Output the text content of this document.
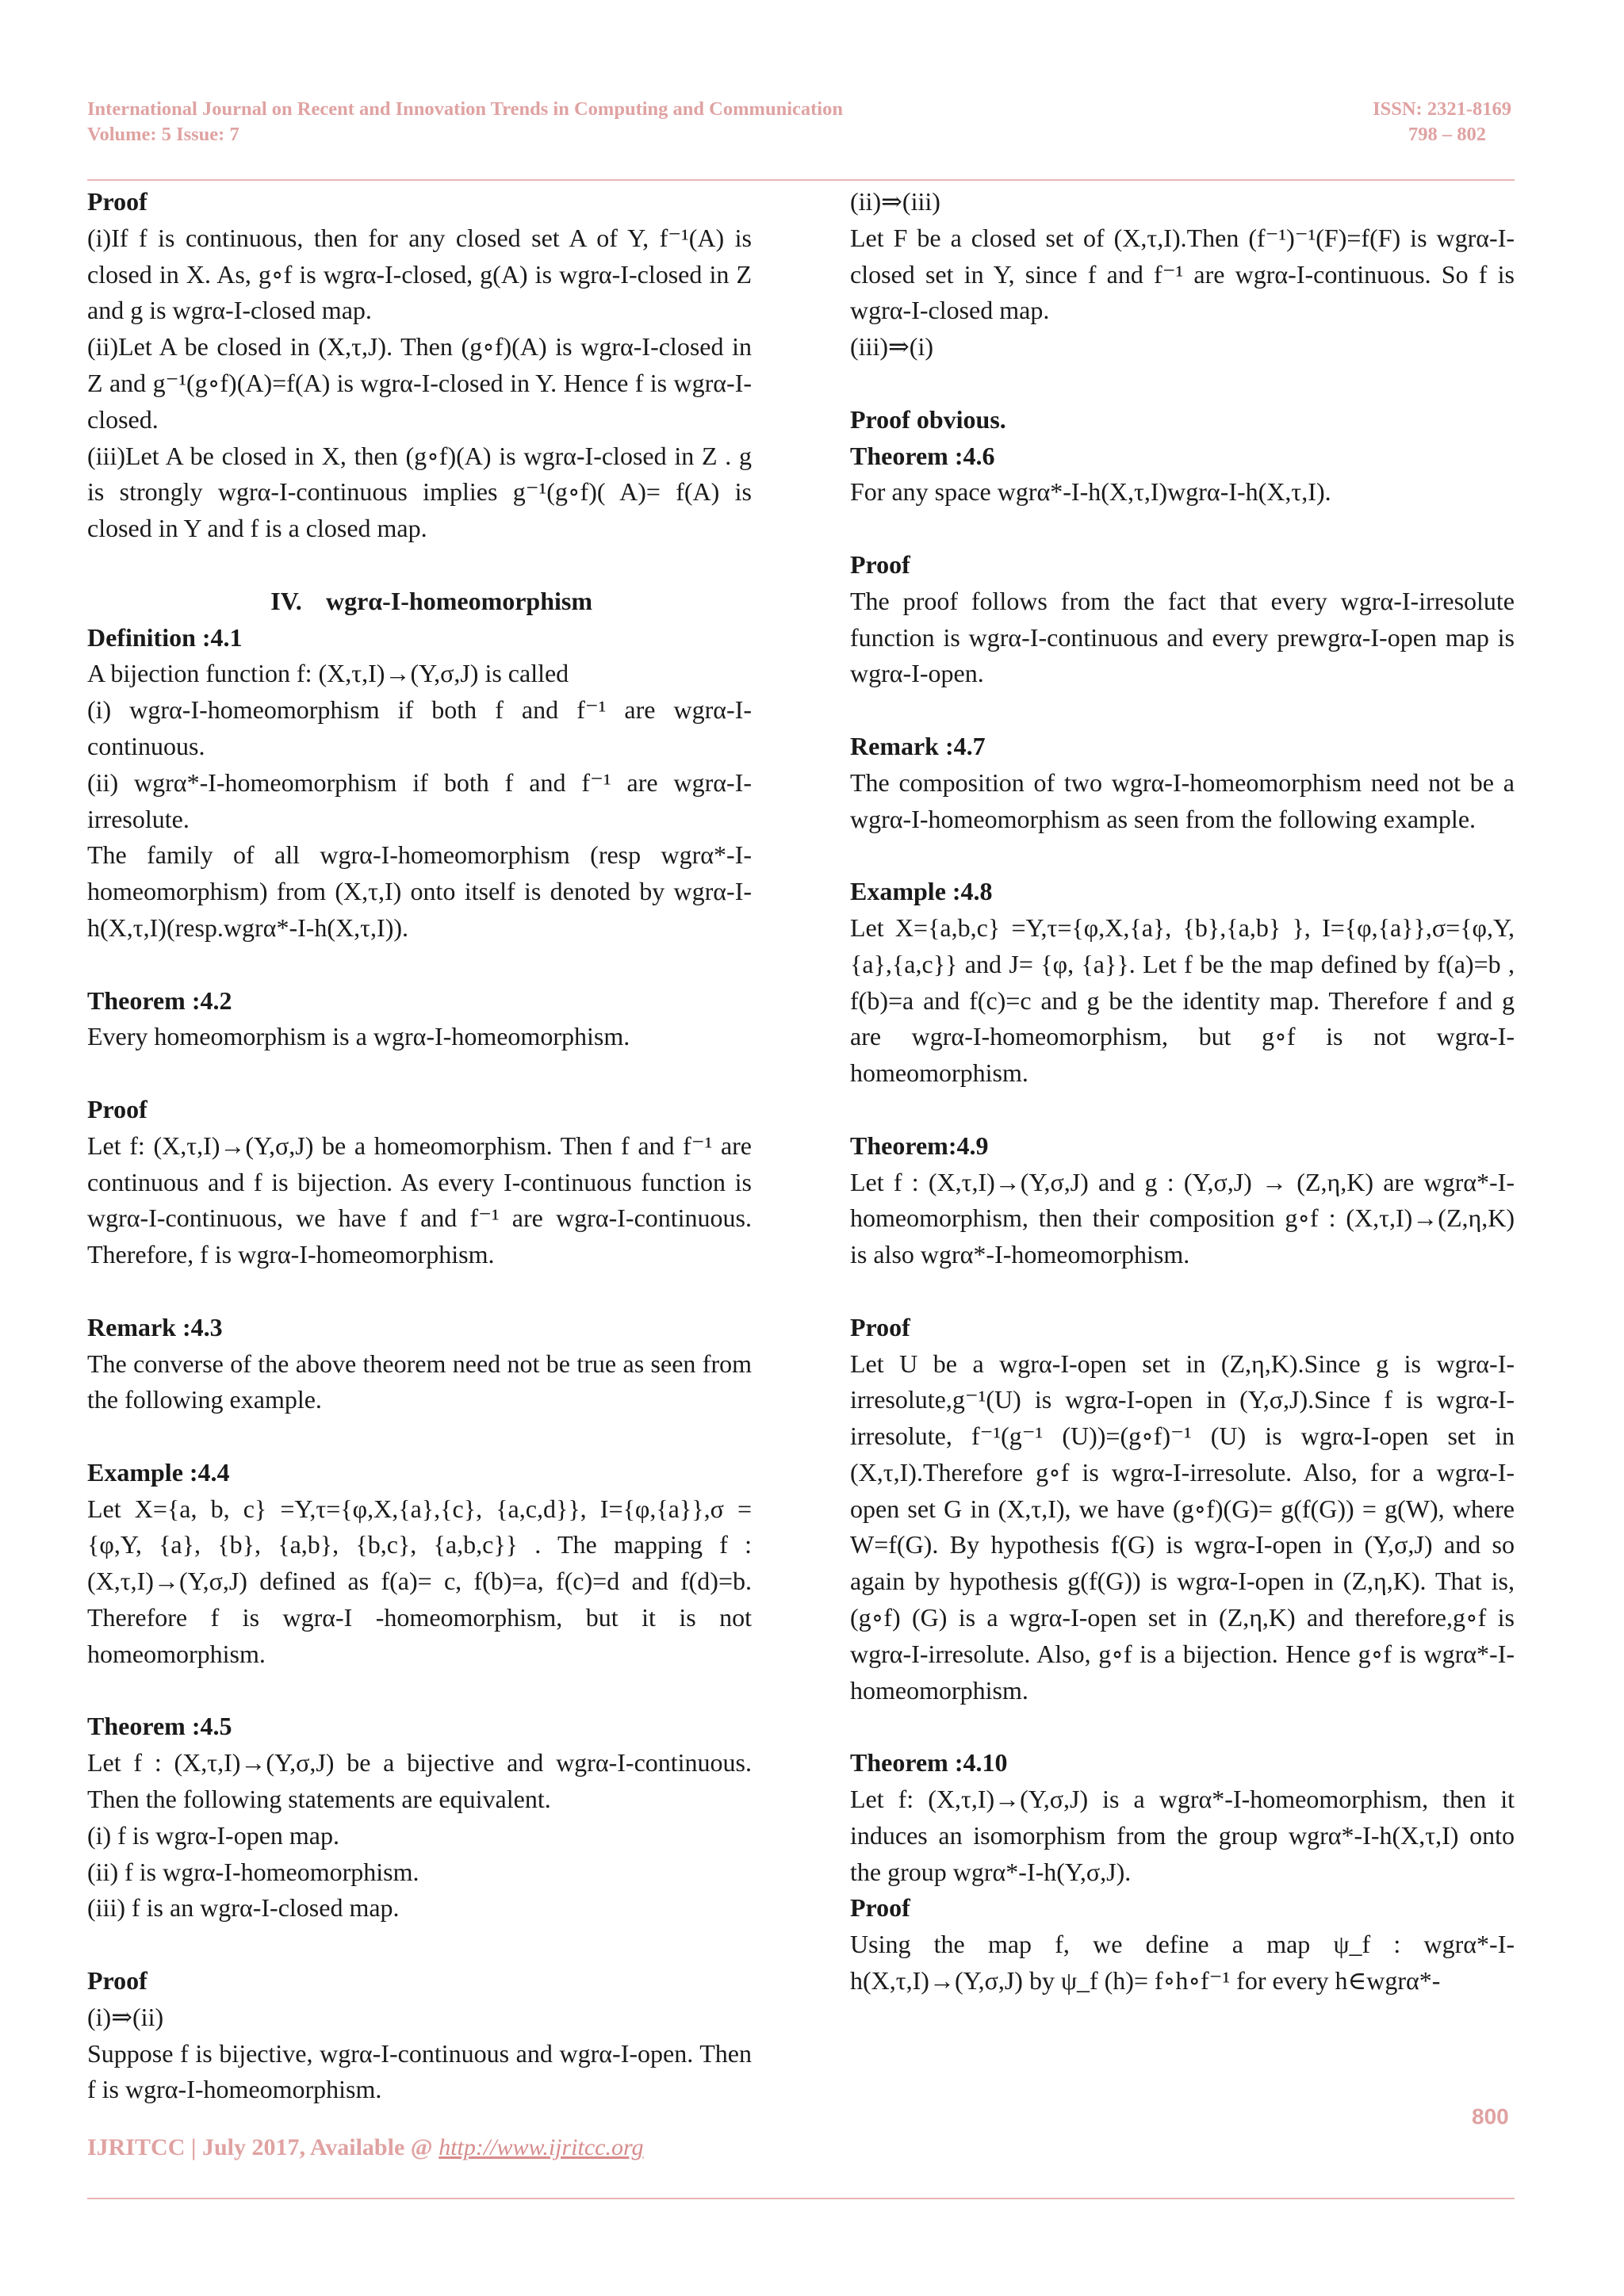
International Journal on Recent and Innovation Trends in Computing and Communication	ISSN: 2321-8169
Volume: 5 Issue: 7	798 – 802

Proof

(i)If f is continuous, then for any closed set A of Y, f⁻¹(A) is closed in X. As, g∘f is wgrα-I-closed, g(A) is wgrα-I-closed in Z and g is wgrα-I-closed map.

(ii)Let A be closed in (X,τ,J). Then (g∘f)(A) is wgrα-I-closed in Z and g⁻¹(g∘f)(A)=f(A) is wgrα-I-closed in Y. Hence f is wgrα-I-closed.

(iii)Let A be closed in X, then (g∘f)(A) is wgrα-I-closed in Z . g is strongly wgrα-I-continuous implies g⁻¹(g∘f)( A)= f(A) is closed in Y and f is a closed map.

IV. wgrα-I-homeomorphism

Definition :4.1

A bijection function f: (X,τ,I)→(Y,σ,J) is called

(i) wgrα-I-homeomorphism if both f and f⁻¹ are wgrα-I-continuous.

(ii) wgrα*-I-homeomorphism if both f and f⁻¹ are wgrα-I-irresolute.

The family of all wgrα-I-homeomorphism (resp wgrα*-I-homeomorphism) from (X,τ,I) onto itself is denoted by wgrα-I-h(X,τ,I)(resp.wgrα*-I-h(X,τ,I)).

Theorem :4.2

Every homeomorphism is a wgrα-I-homeomorphism.

Proof

Let f: (X,τ,I)→(Y,σ,J) be a homeomorphism. Then f and f⁻¹ are continuous and f is bijection. As every I-continuous function is wgrα-I-continuous, we have f and f⁻¹ are wgrα-I-continuous. Therefore, f is wgrα-I-homeomorphism.

Remark :4.3

The converse of the above theorem need not be true as seen from the following example.

Example :4.4

Let X={a, b, c} =Y,τ={φ,X,{a},{c}, {a,c,d}}, I={φ,{a}},σ ={φ,Y, {a}, {b}, {a,b}, {b,c}, {a,b,c}} . The mapping f : (X,τ,I)→(Y,σ,J) defined as f(a)= c, f(b)=a, f(c)=d and f(d)=b. Therefore f is wgrα-I -homeomorphism, but it is not homeomorphism.

Theorem :4.5

Let f : (X,τ,I)→(Y,σ,J) be a bijective and wgrα-I-continuous. Then the following statements are equivalent.

(i) f is wgrα-I-open map.

(ii) f is wgrα-I-homeomorphism.

(iii) f is an wgrα-I-closed map.

Proof

(i)⇒(ii)

Suppose f is bijective, wgrα-I-continuous and wgrα-I-open. Then f is wgrα-I-homeomorphism.

(ii)⇒(iii)

Let F be a closed set of (X,τ,I).Then (f⁻¹)⁻¹(F)=f(F) is wgrα-I-closed set in Y, since f and f⁻¹ are wgrα-I-continuous. So f is wgrα-I-closed map.

(iii)⇒(i)

Proof obvious.

Theorem :4.6

For any space wgrα*-I-h(X,τ,I)wgrα-I-h(X,τ,I).

Proof

The proof follows from the fact that every wgrα-I-irresolute function is wgrα-I-continuous and every prewgrα-I-open map is wgrα-I-open.

Remark :4.7

The composition of two wgrα-I-homeomorphism need not be a wgrα-I-homeomorphism as seen from the following example.

Example :4.8

Let X={a,b,c} =Y,τ={φ,X,{a}, {b},{a,b} }, I={φ,{a}},σ={φ,Y,{a},{a,c}} and J= {φ, {a}}. Let f be the map defined by f(a)=b , f(b)=a and f(c)=c and g be the identity map. Therefore f and g are wgrα-I-homeomorphism, but g∘f is not wgrα-I-homeomorphism.

Theorem:4.9

Let f : (X,τ,I)→(Y,σ,J) and g : (Y,σ,J) → (Z,η,K) are wgrα*-I-homeomorphism, then their composition g∘f : (X,τ,I)→(Z,η,K) is also wgrα*-I-homeomorphism.

Proof

Let U be a wgrα-I-open set in (Z,η,K).Since g is wgrα-I-irresolute,g⁻¹(U) is wgrα-I-open in (Y,σ,J).Since f is wgrα-I-irresolute, f⁻¹(g⁻¹ (U))=(g∘f)⁻¹ (U) is wgrα-I-open set in (X,τ,I).Therefore g∘f is wgrα-I-irresolute. Also, for a wgrα-I-open set G in (X,τ,I), we have (g∘f)(G)= g(f(G)) = g(W), where W=f(G). By hypothesis f(G) is wgrα-I-open in (Y,σ,J) and so again by hypothesis g(f(G)) is wgrα-I-open in (Z,η,K). That is, (g∘f) (G) is a wgrα-I-open set in (Z,η,K) and therefore,g∘f is wgrα-I-irresolute. Also, g∘f is a bijection. Hence g∘f is wgrα*-I-homeomorphism.

Theorem :4.10

Let f: (X,τ,I)→(Y,σ,J) is a wgrα*-I-homeomorphism, then it induces an isomorphism from the group wgrα*-I-h(X,τ,I) onto the group wgrα*-I-h(Y,σ,J).

Proof

Using the map f, we define a map ψ_f : wgrα*-I-h(X,τ,I)→(Y,σ,J) by ψ_f (h)= f∘h∘f⁻¹ for every h∈wgrα*-

800
IJRITCC | July 2017, Available @ http://www.ijritcc.org
